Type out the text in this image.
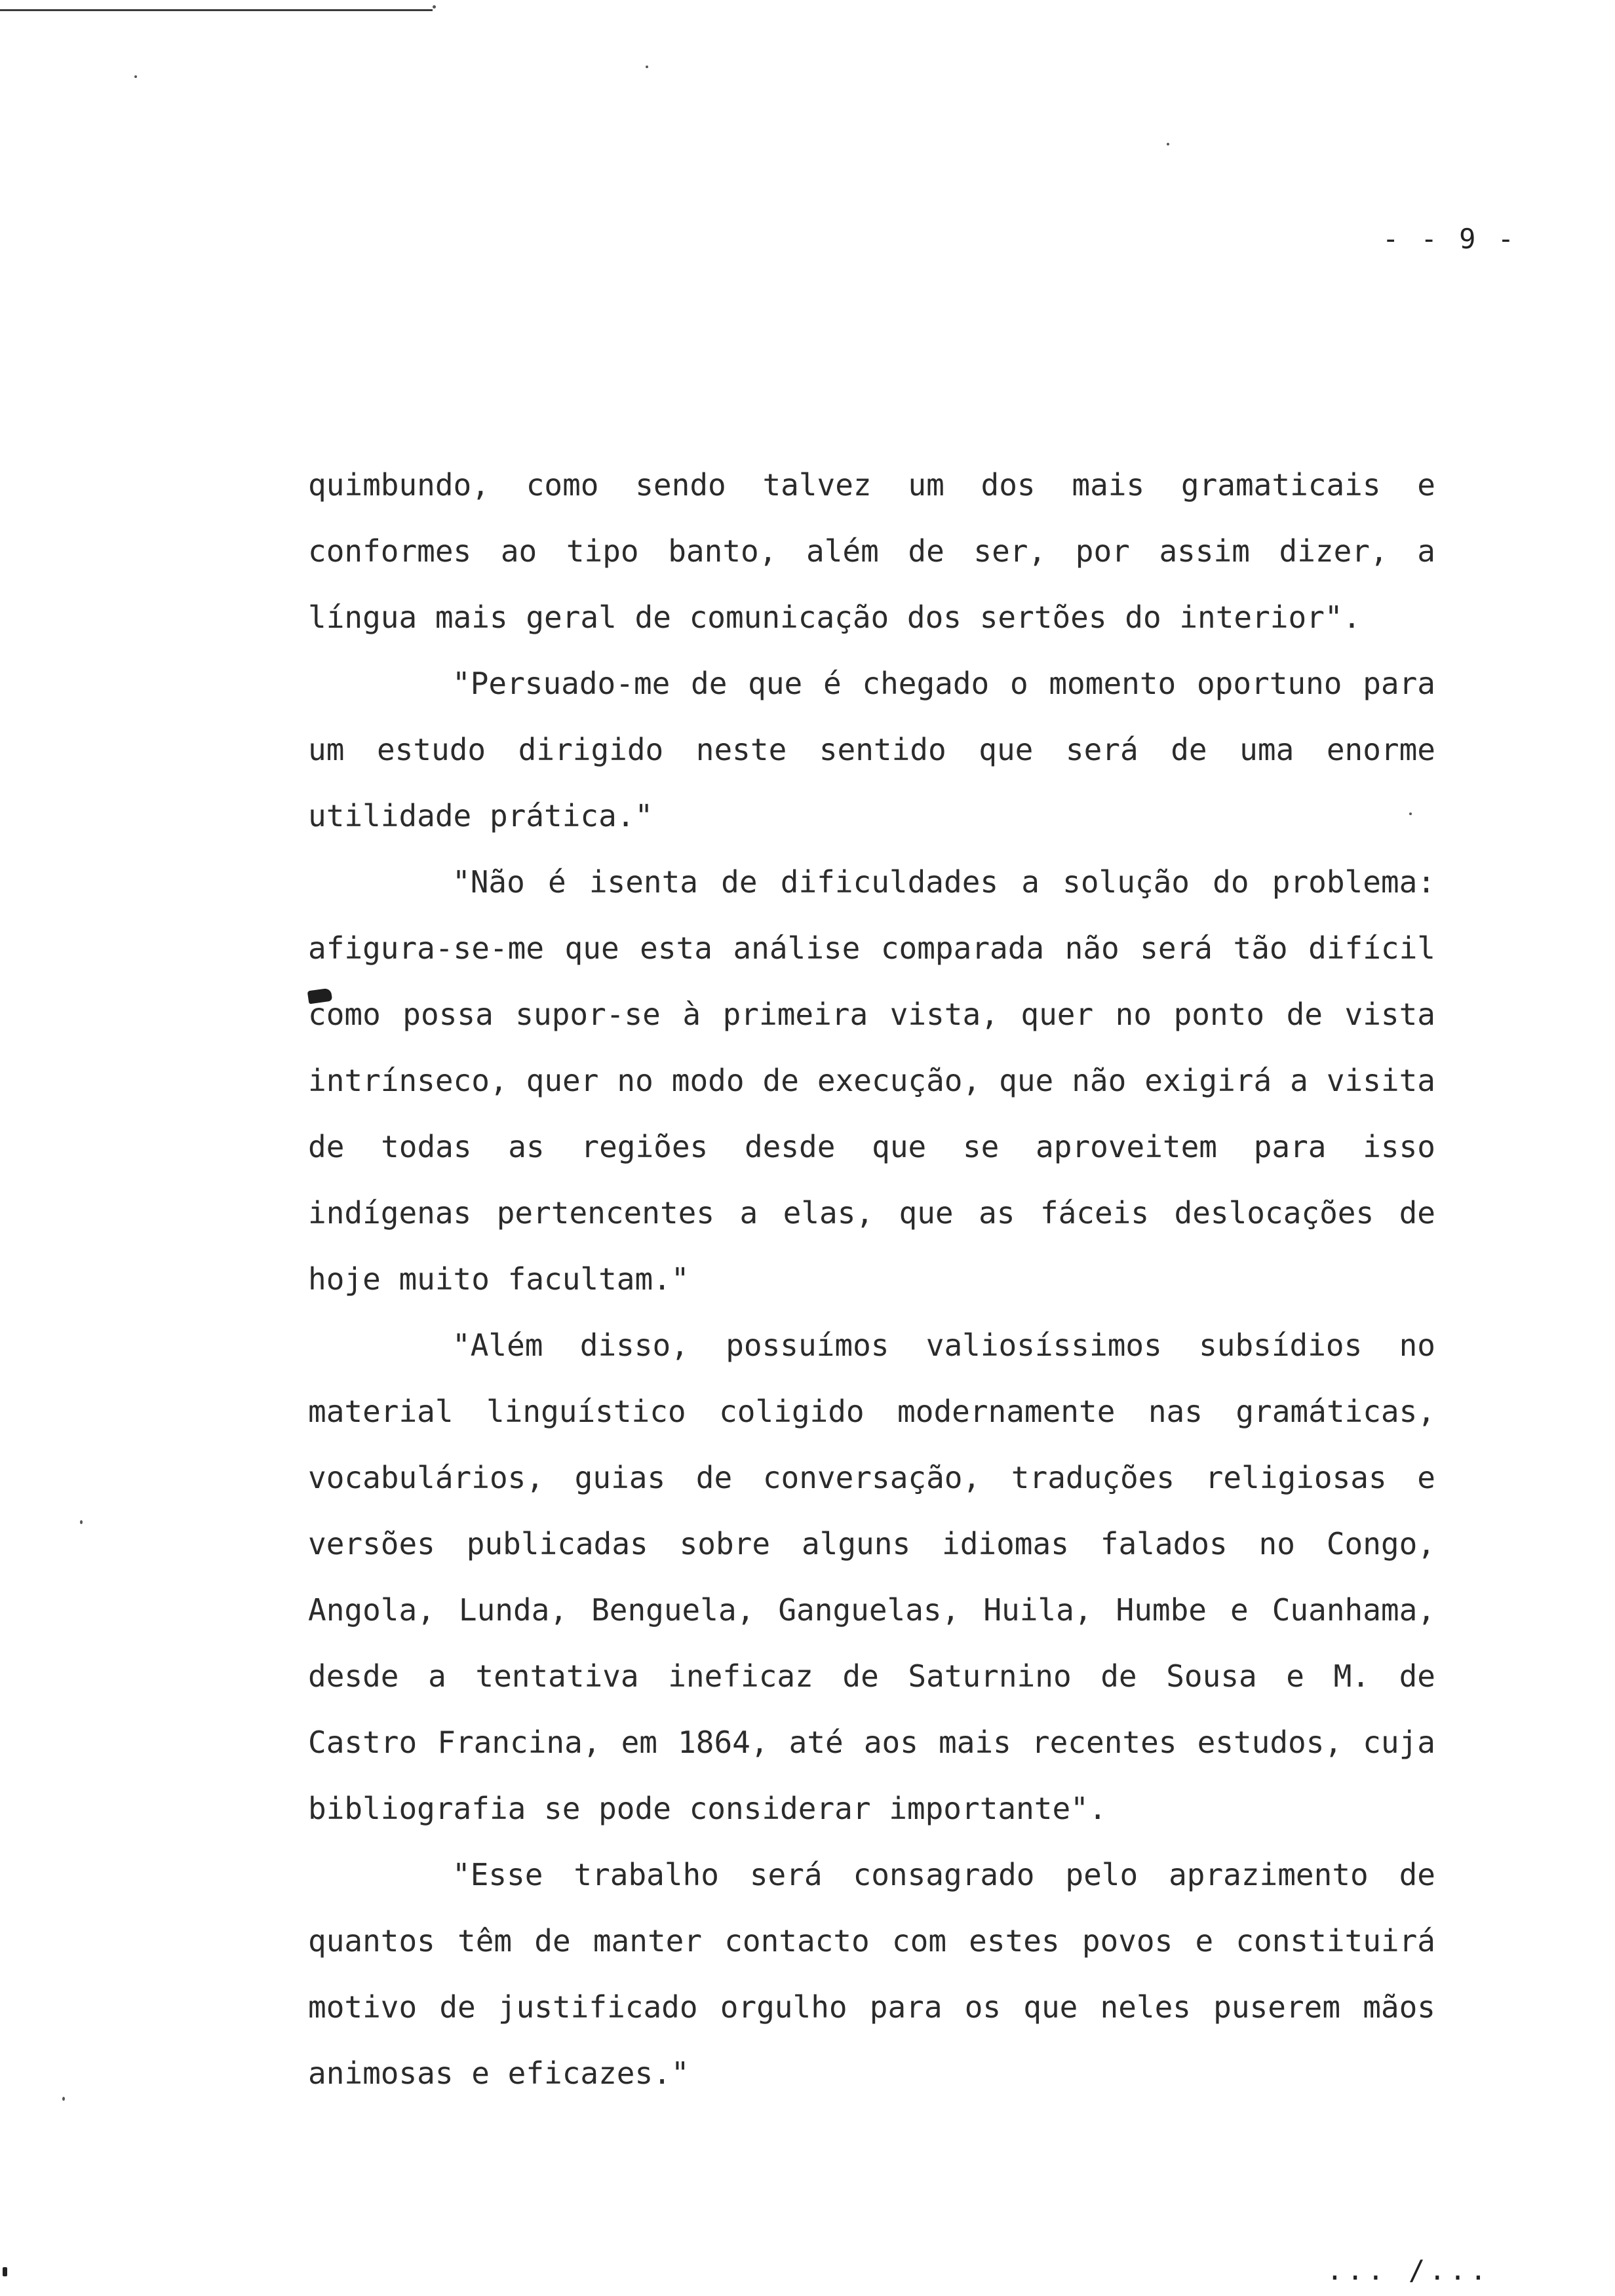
- - 9 -

quimbundo, como sendo talvez um dos mais gramaticais e conformes ao tipo banto, além de ser, por assim dizer, a língua mais geral de comunicação dos sertões do interior".

"Persuado-me de que é chegado o momento oportuno para um estudo dirigido neste sentido que será de uma enorme utilidade prática."

"Não é isenta de dificuldades a solução do problema: afigura-se-me que esta análise comparada não será tão difícil como possa supor-se à primeira vista, quer no ponto de vista intrínseco, quer no modo de execução, que não exigirá a visita de todas as regiões desde que se aproveitem para isso indígenas pertencentes a elas, que as fáceis deslocações de hoje muito facultam."

"Além disso, possuímos valiosíssimos subsídios no material linguístico coligido modernamente nas gramáticas, vocabulários, guias de conversação, traduções religiosas e versões publicadas sobre alguns idiomas falados no Congo, Angola, Lunda, Benguela, Ganguelas, Huila, Humbe e Cuanhama, desde a tentativa ineficaz de Saturnino de Sousa e M. de Castro Francina, em 1864, até aos mais recentes estudos, cuja bibliografia se pode considerar importante".

"Esse trabalho será consagrado pelo aprazimento de quantos têm de manter contacto com estes povos e constituirá motivo de justificado orgulho para os que neles puserem mãos animosas e eficazes."

... /...
